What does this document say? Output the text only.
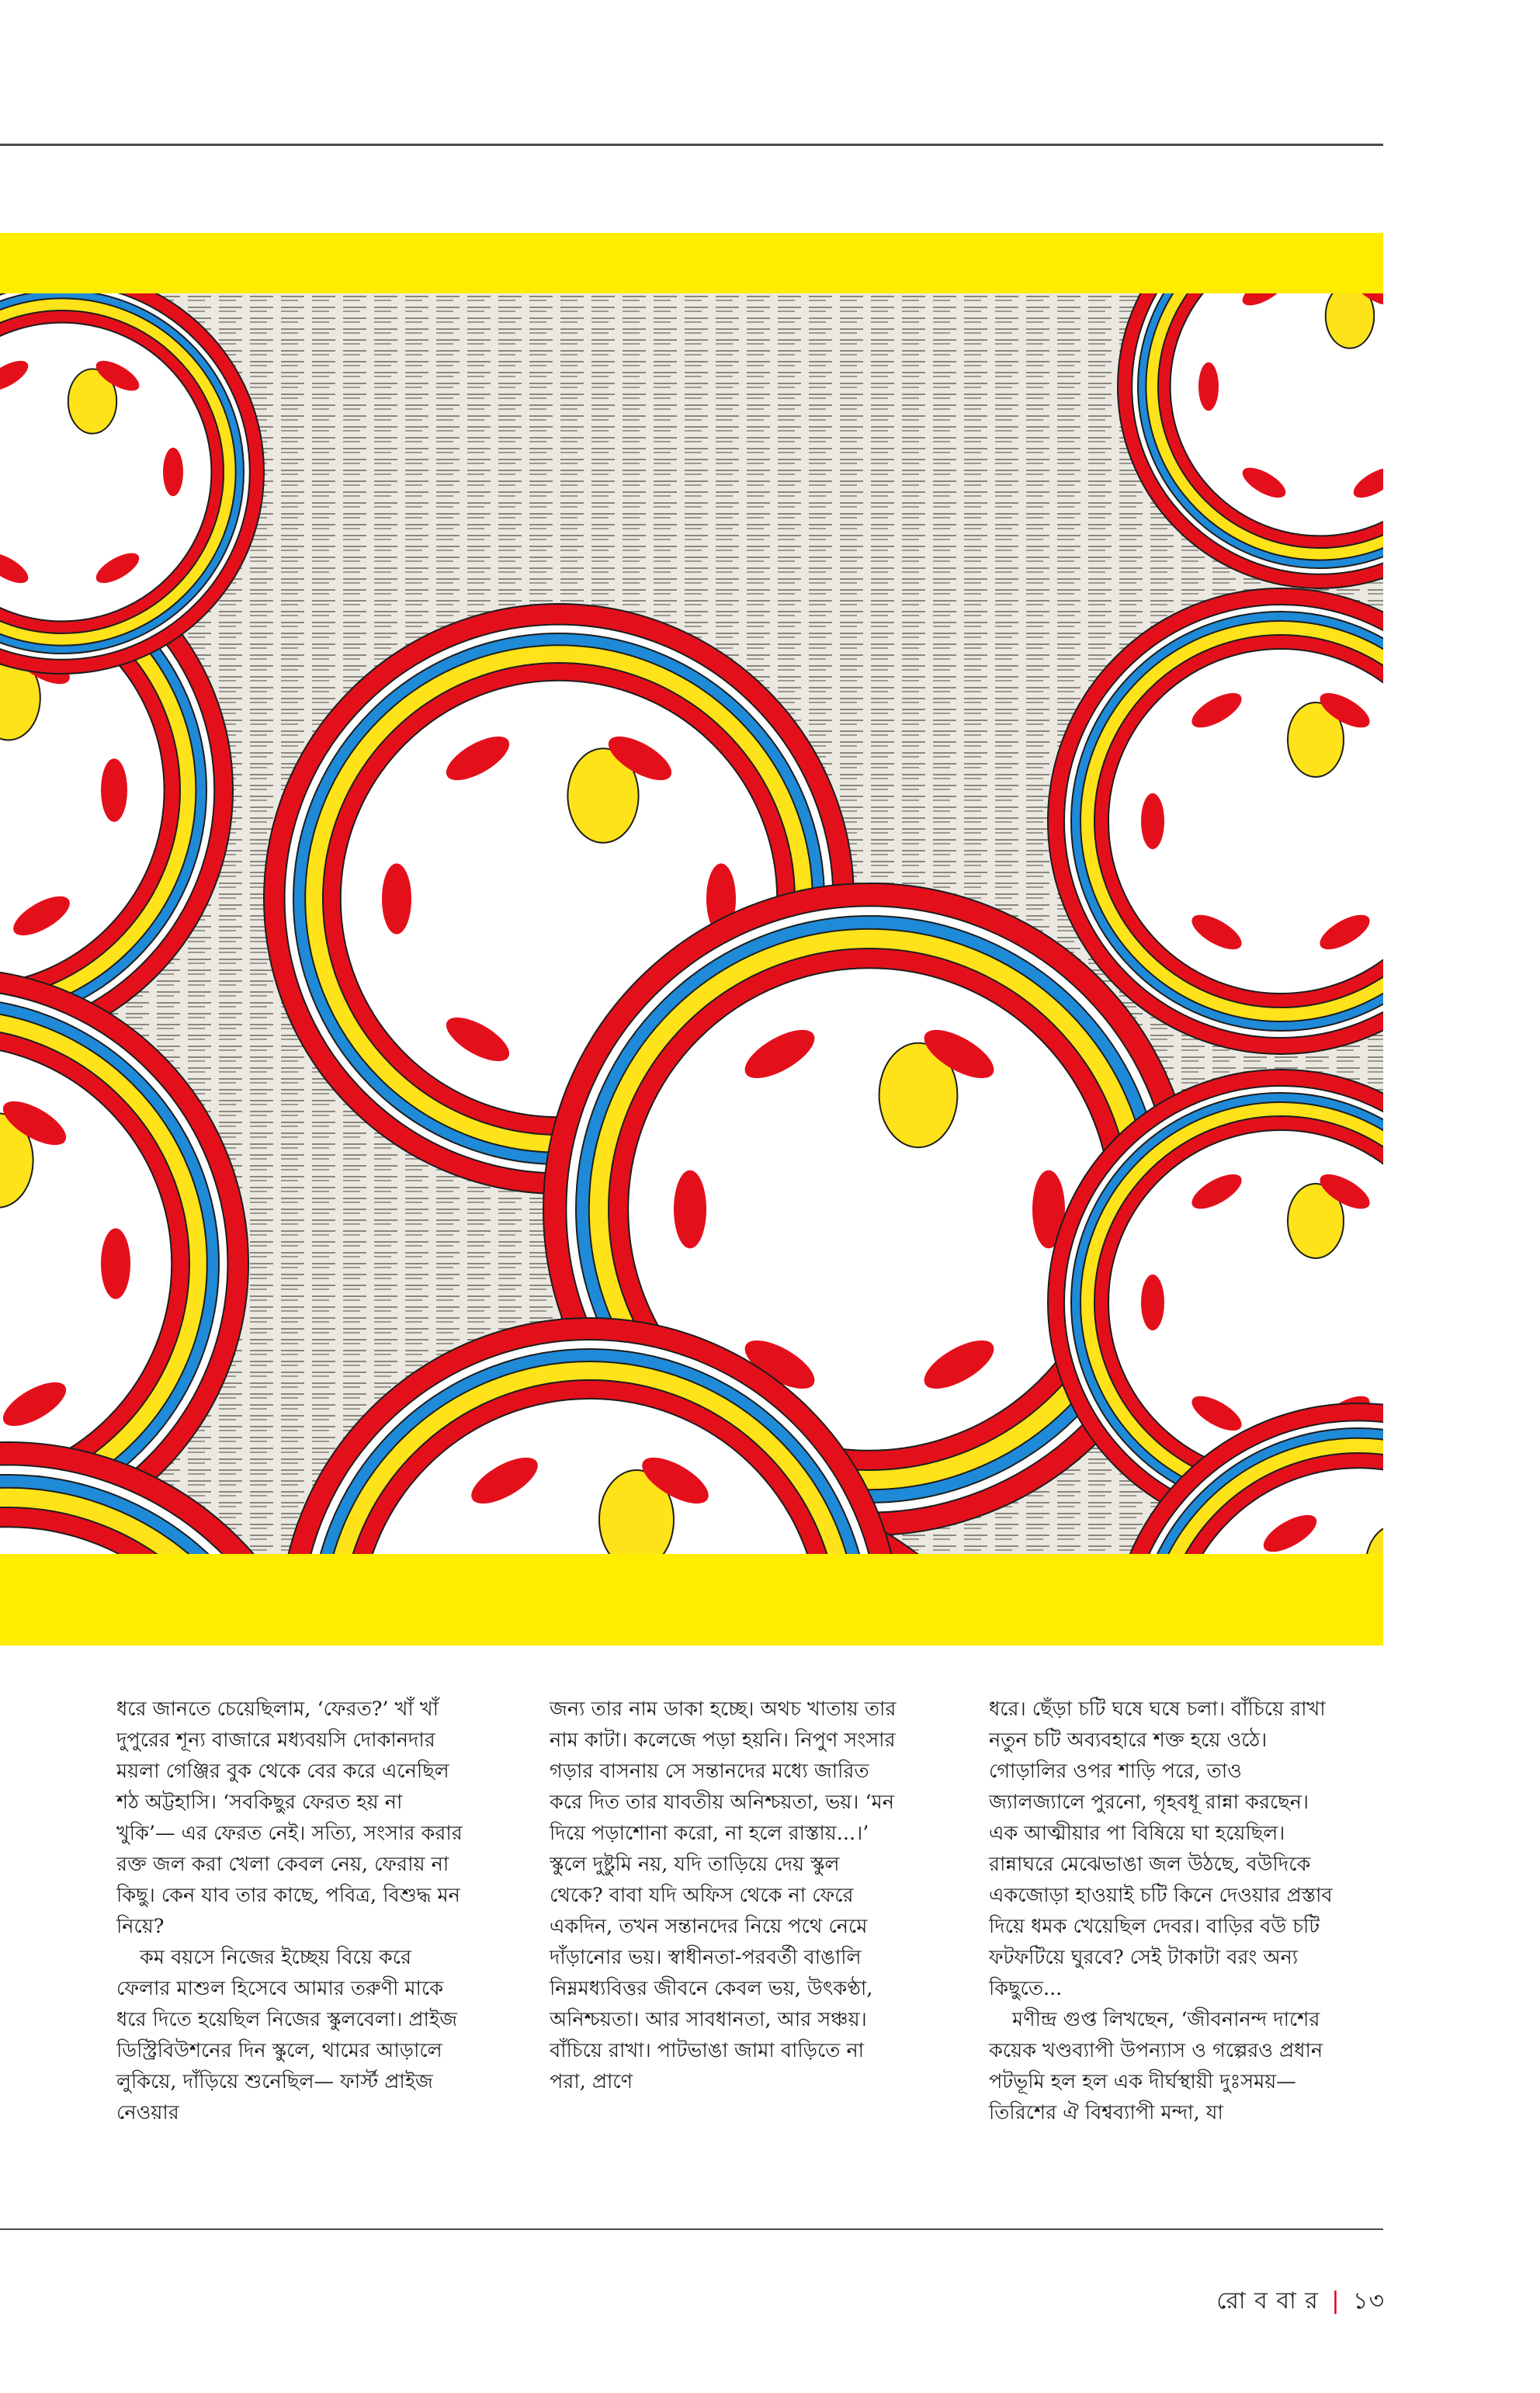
ধরে জানতে চেয়েছিলাম, ‘ফেরত?’ খাঁ খাঁ দুপুরের শূন্য বাজারে মধ্যবয়সি দোকানদার ময়লা গেঞ্জির বুক থেকে বের করে এনেছিল শঠ অট্টহাসি। ‘সবকিছুর ফেরত হয় না খুকি’— এর ফেরত নেই। সত্যি, সংসার করার রক্ত জল করা খেলা কেবল নেয়, ফেরায় না কিছু। কেন যাব তার কাছে, পবিত্র, বিশুদ্ধ মন নিয়ে?

কম বয়সে নিজের ইচ্ছেয় বিয়ে করে ফেলার মাশুল হিসেবে আমার তরুণী মাকে ধরে দিতে হয়েছিল নিজের স্কুলবেলা। প্রাইজ ডিস্ট্রিবিউশনের দিন স্কুলে, থামের আড়ালে লুকিয়ে, দাঁড়িয়ে শুনেছিল— ফার্স্ট প্রাইজ নেওয়ার

জন্য তার নাম ডাকা হচ্ছে। অথচ খাতায় তার নাম কাটা। কলেজে পড়া হয়নি। নিপুণ সংসার গড়ার বাসনায় সে সন্তানদের মধ্যে জারিত করে দিত তার যাবতীয় অনিশ্চয়তা, ভয়। ‘মন দিয়ে পড়াশোনা করো, না হলে রাস্তায়...।’ স্কুলে দুষ্টুমি নয়, যদি তাড়িয়ে দেয় স্কুল থেকে? বাবা যদি অফিস থেকে না ফেরে একদিন, তখন সন্তানদের নিয়ে পথে নেমে দাঁড়ানোর ভয়। স্বাধীনতা-পরবর্তী বাঙালি নিম্নমধ্যবিত্তর জীবনে কেবল ভয়, উৎকণ্ঠা, অনিশ্চয়তা। আর সাবধানতা, আর সঞ্চয়। বাঁচিয়ে রাখা। পাটভাঙা জামা বাড়িতে না পরা, প্রাণে

ধরে। ছেঁড়া চটি ঘষে ঘষে চলা। বাঁচিয়ে রাখা নতুন চটি অব্যবহারে শক্ত হয়ে ওঠে। গোড়ালির ওপর শাড়ি পরে, তাও জ্যালজ্যালে পুরনো, গৃহবধূ রান্না করছেন। এক আত্মীয়ার পা বিষিয়ে ঘা হয়েছিল। রান্নাঘরে মেঝেভাঙা জল উঠছে, বউদিকে একজোড়া হাওয়াই চটি কিনে দেওয়ার প্রস্তাব দিয়ে ধমক খেয়েছিল দেবর। বাড়ির বউ চটি ফটফটিয়ে ঘুরবে? সেই টাকাটা বরং অন্য কিছুতে...

মণীন্দ্র গুপ্ত লিখছেন, ‘জীবনানন্দ দাশের কয়েক খণ্ডব্যাপী উপন্যাস ও গল্পেরও প্রধান পটভূমি হল হল এক দীর্ঘস্থায়ী দুঃসময়— তিরিশের ঐ বিশ্বব্যাপী মন্দা, যা

রো ব বা র | ১৩
